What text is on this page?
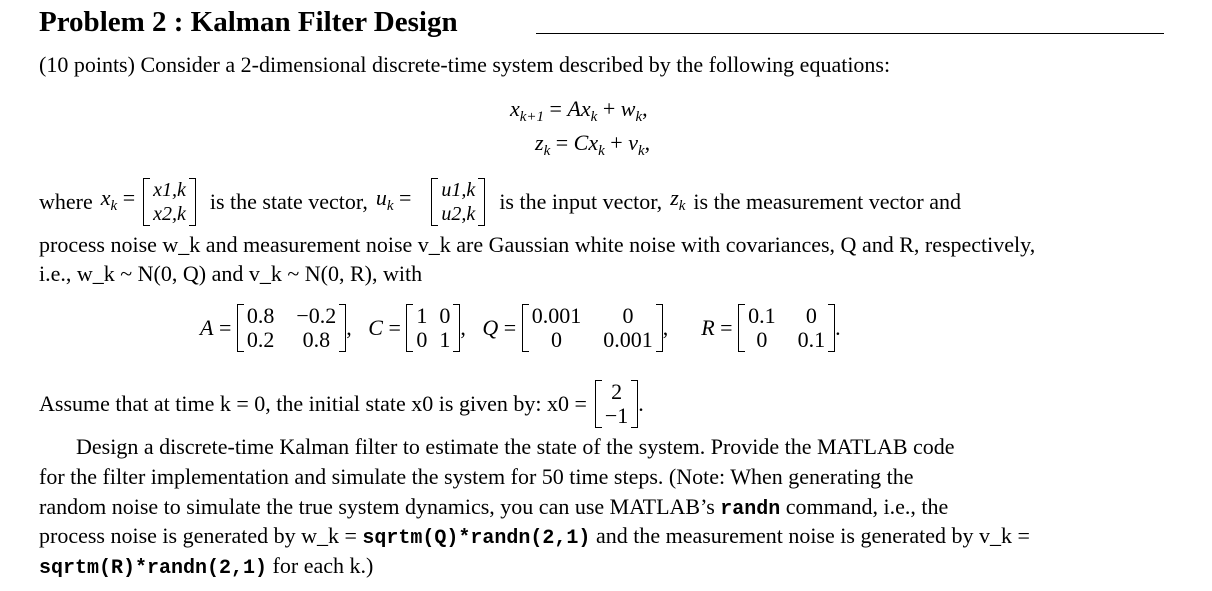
Problem 2 : Kalman Filter Design
(10 points) Consider a 2-dimensional discrete-time system described by the following equations:
$x_{k+1} = Ax_k + w_k$,
$z_k = Cx_k + v_k$,
where $x_k = x1,k$
x2,k is the state vector, $u_k = u1,k$
u2,k is the input vector, $z_k$ is the measurement vector and
process noise w_k and measurement noise v_k are Gaussian white noise with covariances, Q and R, respectively,
i.e., w_k ~ N(0, Q) and v_k ~ N(0, R), with
A = 0.8 −0.2
0.2 0.8 , C = 1 0
0 1 , Q = 0.001	0
0	0.001 , R = 0.1	0
0	0.1 .
Assume that at time k = 0, the initial state x0 is given by: x0 = 2
−1 .
Design a discrete-time Kalman filter to estimate the state of the system. Provide the MATLAB code
for the filter implementation and simulate the system for 50 time steps. (Note: When generating the
random noise to simulate the true system dynamics, you can use MATLAB’s randn command, i.e., the
process noise is generated by w_k = sqrtm(Q)*randn(2,1) and the measurement noise is generated by v_k =
sqrtm(R)*randn(2,1) for each k.)
